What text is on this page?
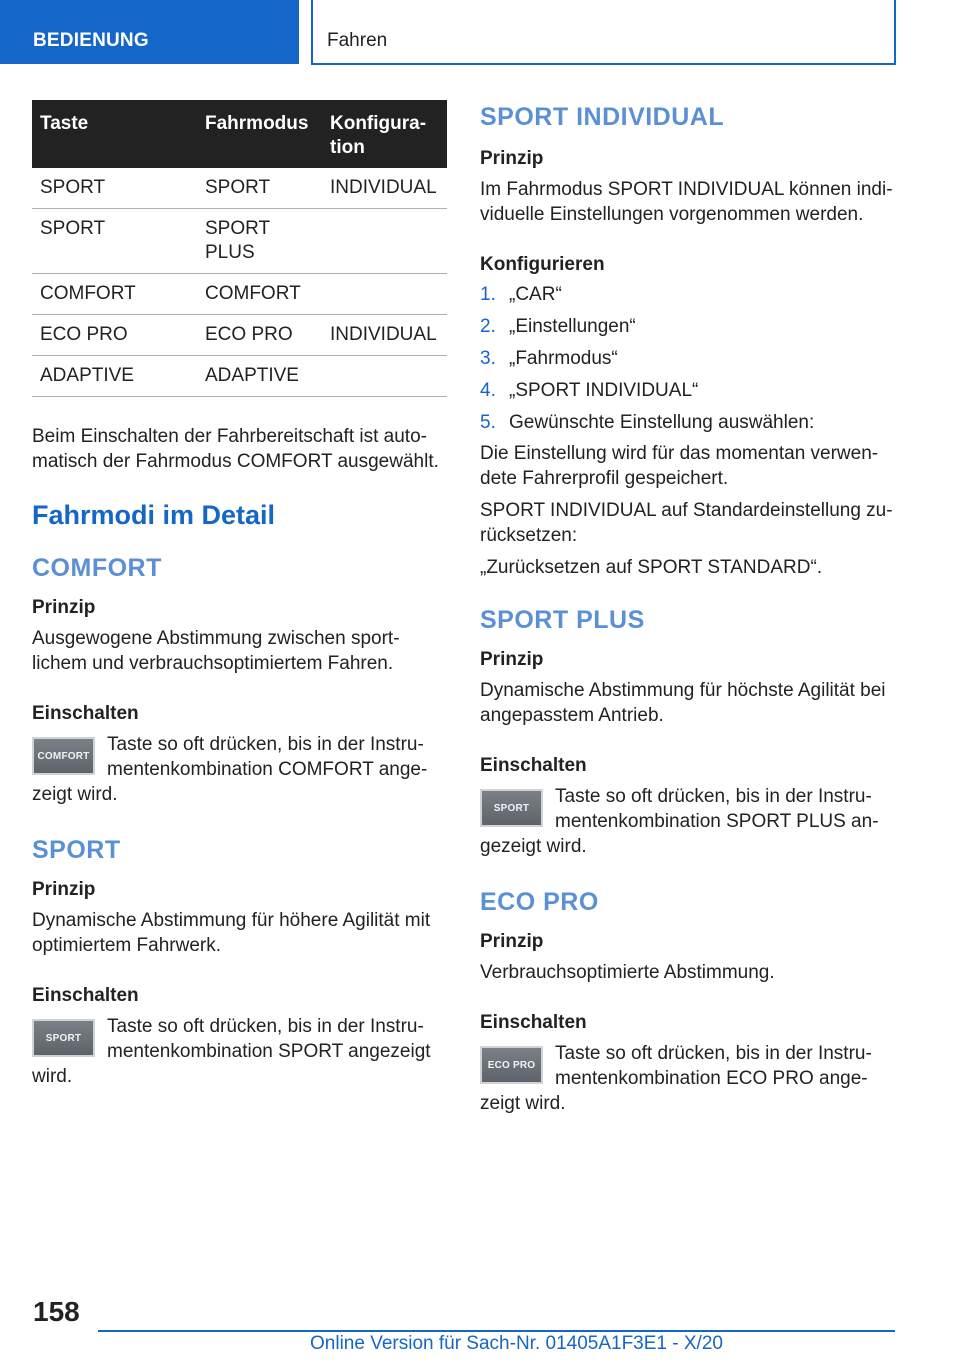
BEDIENUNG	Fahren
Taste	Fahrmodus	Konfigura-
tion
SPORT	SPORT	INDIVIDUAL
SPORT	SPORT
PLUS	
COMFORT	COMFORT	
ECO PRO	ECO PRO	INDIVIDUAL
ADAPTIVE	ADAPTIVE	

Beim Einschalten der Fahrbereitschaft ist auto-matisch der Fahrmodus COMFORT ausgewählt.

Fahrmodi im Detail
COMFORT
Prinzip

Ausgewogene Abstimmung zwischen sport-lichem und verbrauchsoptimiertem Fahren.

Einschalten
COMFORT

Taste so oft drücken, bis in der Instru-mentenkombination COMFORT ange-zeigt wird.

SPORT
Prinzip

Dynamische Abstimmung für höhere Agilität mit optimiertem Fahrwerk.

Einschalten
SPORT

Taste so oft drücken, bis in der Instru-mentenkombination SPORT angezeigt wird.

SPORT INDIVIDUAL
Prinzip

Im Fahrmodus SPORT INDIVIDUAL können indi-viduelle Einstellungen vorgenommen werden.

Konfigurieren
1. „CAR“
2. „Einstellungen“
3. „Fahrmodus“
4. „SPORT INDIVIDUAL“
5. Gewünschte Einstellung auswählen:

Die Einstellung wird für das momentan verwen-dete Fahrerprofil gespeichert.

SPORT INDIVIDUAL auf Standardeinstellung zu-rücksetzen:

„Zurücksetzen auf SPORT STANDARD“.

SPORT PLUS
Prinzip

Dynamische Abstimmung für höchste Agilität bei angepasstem Antrieb.

Einschalten
SPORT

Taste so oft drücken, bis in der Instru-mentenkombination SPORT PLUS an-gezeigt wird.

ECO PRO
Prinzip

Verbrauchsoptimierte Abstimmung.

Einschalten
ECO PRO

Taste so oft drücken, bis in der Instru-mentenkombination ECO PRO ange-zeigt wird.

158
Online Version für Sach-Nr. 01405A1F3E1 - X/20
